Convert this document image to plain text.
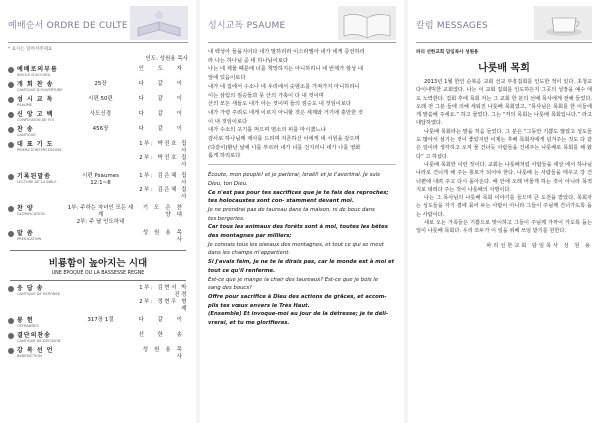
예배순서 ORDRE DE CULTE
* 표시는 일어서주세요
인도: 성원용 목사
예배로의부름
INVOLE D'ACCUEIL
인 도 자
개 회 찬 송
CANTIQUE D'OUVERTURE
25장	다 같 이
성 시 교 독
PSAUME
시편 50편	다 같 이
신 앙 고 백
CONFESSION DE FOI
사도신경	다 같 이
찬 송
CANTIQUE
456장	다 같 이
대 표 기 도
PRIERE D'INTERCESSION
1부: 박진호 집사
2부: 박진호 집사
기록된말씀
LECTURE DE LA BIBLE
시편 Psaumes
12:1~8
1부: 김은혜 집사
2부: 김은혜 집사
찬 양
GLORIFICATION
1부: 주하는 자녀인 모든 세계
2부: 주 날 인도하네
기도은찬양대
말 씀
PREDICATION
성원용목사
비룡함이 높아지는 시대
UNE EPOQUE OU LA BASSESSE REGNE
응 답 송
CANTIQUE DE REPONSE
1부: 김현서 박진경
2부: 정현우 형제
봉 헌
OFFRANDES
317장 1절	다 같 이
결단의찬송
CANTIQUE DE DECISION
선 한 송
강 복 선 언
BENEDICTION
성원용목사
성시교독 PSAUME

내 백성아 들을지어다 내가 말하리라 이스라엘아 내가 네게 증언하리

라 나는 하나님 곧 네 하나님이로다

나는 네 제물 때문에 너를 책망하지는 아니하리니 네 번제가 항상 내

앞에 있음이로다

내가 네 집에서 수소나 네 우리에서 숫염소를 가져가지 아니하리니

이는 삼림의 짐승들과 뭇 산의 가축이 다 내 것이며

산의 모든 새들도 내가 아는 것이며 들의 짐승도 내 것임이로다

내가 가령 주려도 네게 이르지 아니할 것은 세계와 거기에 충만한 것

이 내 것임이로다

내가 수소의 고기를 먹으며 염소의 피를 마시겠느냐

감사로 하나님께 제사를 드리며 지존하신 이에게 네 서원을 갚으며

(다같이)환난 날에 나를 부르라 내가 너를 건지리니 네가 나를 영화

롭게 하리로다

Écoute, mon peuple! et je parlerai; Israël! et je t'avertirai. Je suis

Dieu, ton Dieu.

Ce n'est pas pour tes sacrifices que je te fais des reproches;

tes holocaustes sont con- stamment devant moi.

Je ne prendrai pas de taureau dans ta maison, ni de bouc dans

tes bergeries.

Car tous les animaux des forêts sont à moi, toutes les bêtes

des montagnes par milliers;

Je connais tous les oiseaux des montagnes, et tout ce qui se meut

dans les champs m'appartient.

Si j'avais faim, je ne te le dirais pas, car le monde est à moi et

tout ce qu'il renferme.

Est-ce que je mange la chair des taureaux? Est-ce que je bois le

sang des boucs?

Offre pour sacrifice à Dieu des actions de grâces, et accom-

plis tes vœux envers le Très Haut.

(Ensemble) Et invoque-moi au jour de la détresse; je te déli-

vrerai, et tu me glorifieras.

칼럼 MESSAGES
파리 선한교회 담임목사 성원용
나룻배 목회

2013년 1월 한인 순복음 교회 선교 부흥집회를 인도한 적이 있다. 초청교 다이내믹한 교회였다. 나는 이 교회 집회를 인도하든지 그곳의 성장을 예수 애도 노력한다. 집회 후에 목회 자는 그 교회 한 분의 선배 목사에게 전해 들었다. 오래 전 그분 들에 의해 세워진 나룻배 목회였고, “목사님은 목회를 한 이들에게 말씀해 주세요.” 하고 물었다. 그는 “저의 목회는 나룻배 목회입니다.” 라고 대답하였다.

나룻배 목회라는 말을 처음 들었다. 그 분은 “그동안 기쁨도 많았고 성도들도 많아서 섬기는 것이 좋았지만 이제는 후배 목회자에게 넘겨주는 것도 다 같은 일이라 생각하고 오직 물 건너듯 사람들을 건네주는 나룻배로 목회를 해 왔다” 고 하셨다.

나룻배 목회란 이런 것이다. 교회는 나룻배처럼 사람들을 세상 에서 하나님 나라로 건너게 해 주는 통로가 되어야 한다. 나룻배 는 사람들을 태우고 강 건너편에 내려 주고 다시 돌아온다. 배 안에 오래 머물게 하는 것이 아니라 목적지로 데려다 주는 것이 나룻배의 사명이다.

나는 그 목사님의 나룻배 목회 이야기를 들으며 큰 도전을 받았다. 목회자는 성도들을 자기 곁에 묶어 두는 사람이 아니라 그들이 주님께 건너가도록 돕는 사람이다.

새로 오는 가족들은 기쁨으로 맞이하고 그들이 주님께 가까이 가도록 돕는 일이 나룻배 목회다. 우리 모두가 이 일을 위해 쓰임 받기를 원한다.

파리선한교회 담임목사 성 원 용
